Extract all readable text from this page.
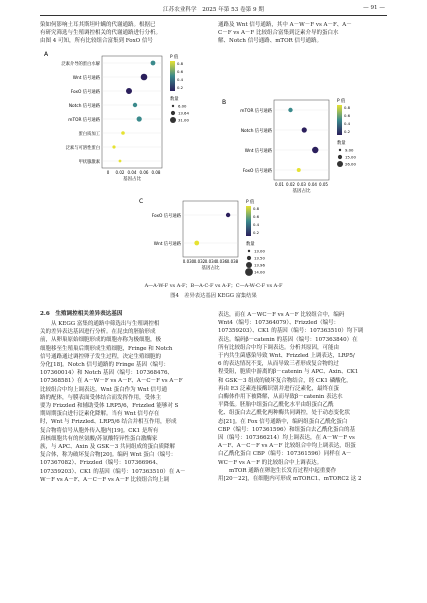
江苏农业科学　2025 年第 53 卷第 9 期	— 91 —
染如何影响土耳其斯坦叶螨的代谢通路。根据已
有研究筛选与生殖调控相关的代谢通路进行分析。
由图 4 可知，所有比较组合富集到 FoxO 信号
通路及 Wnt 信号通路，其中 A－W－F vs A－F、A－
C－F vs A－F 比较组合富集到泛素介导的蛋白水
解、Notch 信号通路、mTOR 信号通路。
A
泛素介导的蛋白水解
Wnt 信号通路
FoxO 信号通路
Notch 信号通路
mTOR 信号通路
蛋白质加工
泛素与可溶性蛋白
甲状腺激素
0 0.02 0.04 0.06 0.08
基因占比
P 值
0.2
0.4
0.6
0.8
数量
6.00
13.64
31.00
B
mTOR 信号通路
Notch 信号通路
Wnt 信号通路
FoxO 信号通路
0.01 0.02 0.03 0.04 0.05
基因占比
P 值
0.2
0.4
0.6
0.8
数量
9.00
15.00
26.00
C
FoxO 信号通路
Wnt 信号通路
0.030 0.032 0.034 0.036 0.038
基因占比
P 值
0.2
0.4
0.6
0.8
数量
13.00
13.50
13.96
14.00
A—A-W-F vs A-F；B—A-C-F vs A-F；C—A-W-C-F vs A-F
图4　差异表达基因 KEGG 富集结果
2.6　生殖调控相关差异表达基因
　　从 KEGG 富集的通路中筛选出与生殖调控相
关的差异表达基因进行分析。在昆虫的胚胎形成
前，从卵巢原始细胞形成的细胞亦称为极细胞，极
细胞移至生殖巢后期形成生殖细胞，Fringe 和 Notch
信号通路通过调控卵子发生过程，决定生殖细胞的
分化[18]。Notch 信号通路的 Fringe 基因（编号：
107360014）和 Notch 基因（编号：107368476、
107368581）在 A－W－F vs A－F、A－C－F vs A－F
比较组合中均上调表达。Wnt 蛋白作为 Wnt 信号通
路的配体，与膜表面受体结合而发挥作用，受体主
要为 Frizzled 和辅助受体 LRP5/6，Frizzled 能够对 S
期周期蛋白进行泛素化降解。当有 Wnt 信号存在
时，Wnt 与 Frizzled、LRP5/6 结合并相互作用，形成
复合物将信号从胞外传入胞内[19]。CK1 是所有
真核细胞共有的丝氨酸/苏氨酸特异性蛋白激酶家
族，与 APC、Axin 及 GSK－3 共同组成的蛋白质降解
复合体，称为破坏复合物[20]。编码 Wnt 蛋白（编号：
107367082）、Frizzled（编号：107366964、
107359203）、CK1 的基因（编号：107363510）在 A－
W－F vs A－F、A－C－F vs A－F 比较组合均上调
表达，而在 A－WC－F vs A－F 比较组合中，编码
Wnt4（编号：107364079）、Frizzled（编号：
107359203）、CK1 的基因（编号：107363510）均下调
表达。编码β－catenin 的基因（编号：107363840）在
所有比较组合中均下调表达。分析其原因，可能由
于内共生菌感染导致 Wnt、Frizzled 上调表达，LRP5/
6 的表达情况不变，从而导致三者形成复合物的过
程受阻，胞质中游离的β－catenin 与 APC、Axin、CK1
和 GSK－3 组成的破坏复合物结合，经 CK1 磷酸化，
再由 E3 泛素连接酶识别并进行泛素化，最终在蛋
白酶体作用下被降解，从而导致β－catenin 表达水
平降低。胚胎中组蛋白乙酰化水平由组蛋白乙酰
化、组蛋白去乙酰化两种酶共同调控，处于动态变化状
态[21]。在 Fox 信号通路中，编码组蛋白乙酰化蛋白
CBP（编号：107361596）和组蛋白去乙酰化蛋白的基
因（编号：107366214）均上调表达，在 A－W－F vs
A－F、A－C－F vs A－F 比较组合中均上调表达，组蛋
白乙酰化蛋白 CBP（编号：107361596）同样在 A－
WC－F vs A－F 的比较组合中上调表达。
　　mTOR 通路在卵泡生长发育过程中起重要作
用[20－22]，在细胞内可形成 mTORC1、mTORC2 这 2
